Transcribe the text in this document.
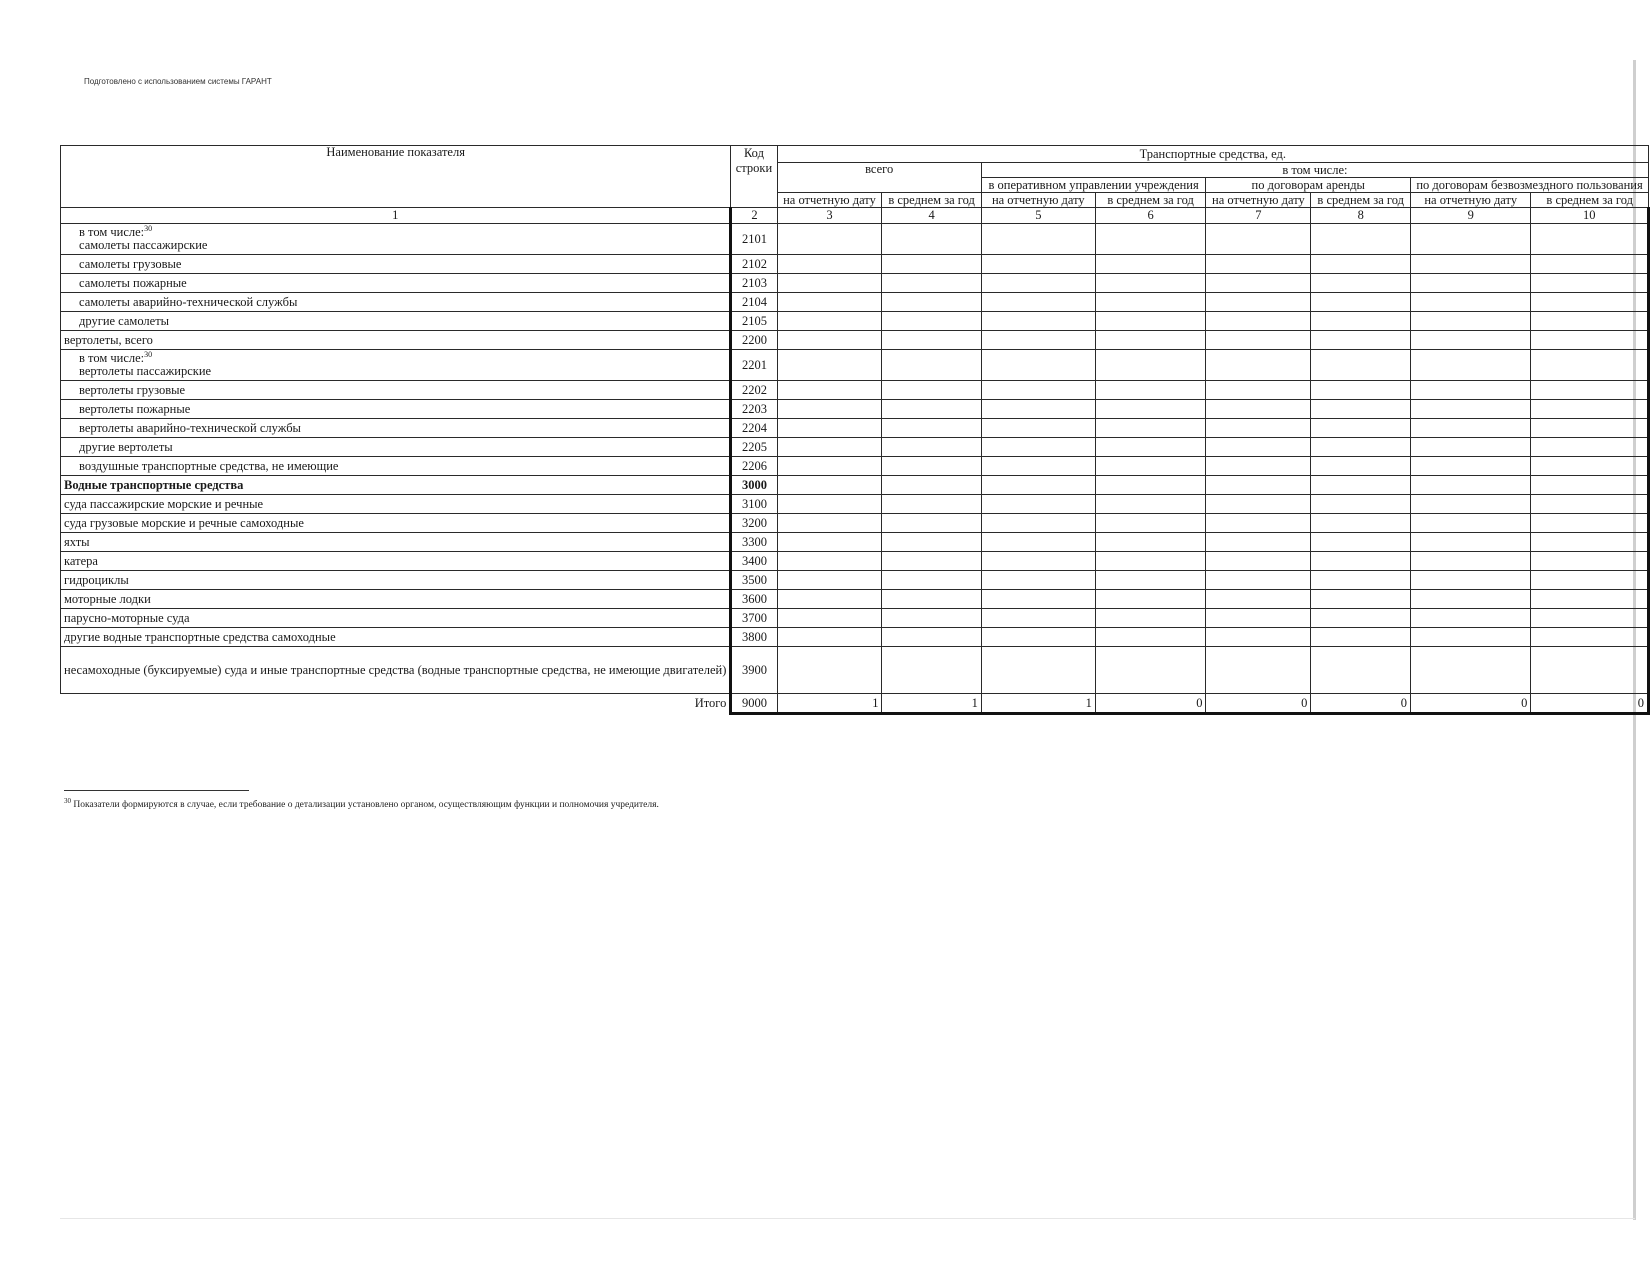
Подготовлено с использованием системы ГАРАНТ
Наименование показателя	Код строки	Транспортные средства, ед.							
		всего		в том числе:					
				в оперативном управлении учреждения		по договорам аренды		по договорам безвозмездного пользования	
		на отчетную дату	в среднем за год	на отчетную дату	в среднем за год	на отчетную дату	в среднем за год	на отчетную дату	в среднем за год
1	2	3	4	5	6	7	8	9	10

в том числе:$^{30}$
самолеты пассажирские	2101								
самолеты грузовые	2102								
самолеты пожарные	2103								
самолеты аварийно-технической службы	2104								
другие самолеты	2105								
вертолеты, всего	2200								

в том числе:$^{30}$
вертолеты пассажирские	2201								
вертолеты грузовые	2202								
вертолеты пожарные	2203								
вертолеты аварийно-технической службы	2204								
другие вертолеты	2205								
воздушные транспортные средства, не имеющие	2206								
Водные транспортные средства	3000								
суда пассажирские морские и речные	3100								
суда грузовые морские и речные самоходные	3200								
яхты	3300								
катера	3400								
гидроциклы	3500								
моторные лодки	3600								
парусно-моторные суда	3700								
другие водные транспортные средства самоходные	3800								

несамоходные (буксируемые) суда и иные транспортные средства (водные транспортные средства, не имеющие двигателей)	3900								
Итого	9000	1	1	1	0	0	0	0	0
$^{30}$ Показатели формируются в случае, если требование о детализации установлено органом, осуществляющим функции и полномочия учредителя.
